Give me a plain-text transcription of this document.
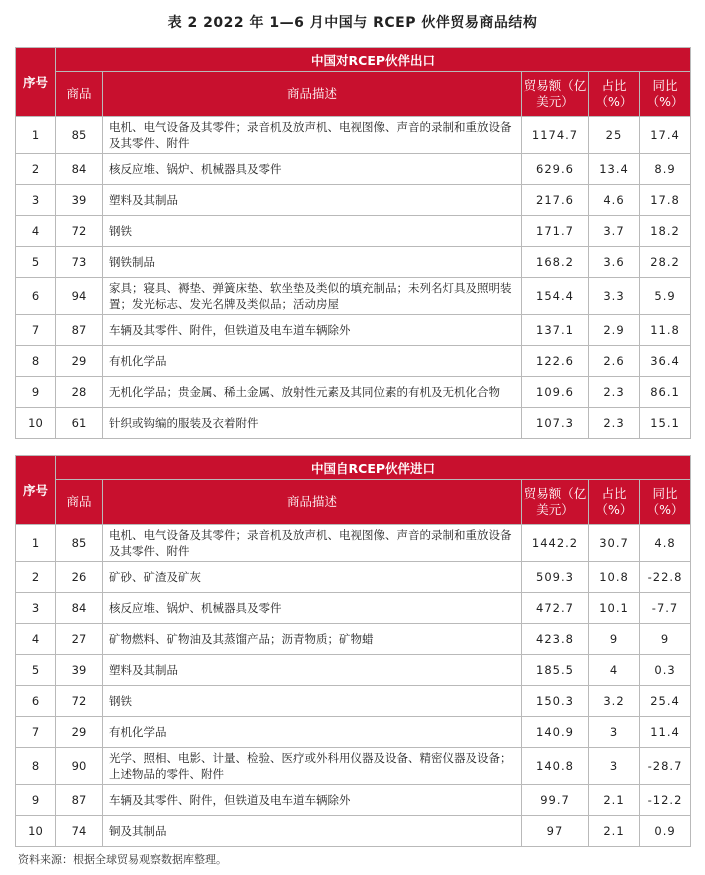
表 2 2022 年 1—6 月中国与 RCEP 伙伴贸易商品结构
序号	中国对RCEP伙伴出口				
	商品	商品描述	贸易额（亿美元）	占比（%）	同比（%）
1	85	电机、电气设备及其零件；录音机及放声机、电视图像、声音的录制和重放设备及其零件、附件	1174.7	25	17.4
2	84	核反应堆、锅炉、机械器具及零件	629.6	13.4	8.9
3	39	塑料及其制品	217.6	4.6	17.8
4	72	钢铁	171.7	3.7	18.2
5	73	钢铁制品	168.2	3.6	28.2
6	94	家具；寝具、褥垫、弹簧床垫、软坐垫及类似的填充制品；未列名灯具及照明装置；发光标志、发光名牌及类似品；活动房屋	154.4	3.3	5.9
7	87	车辆及其零件、附件，但铁道及电车道车辆除外	137.1	2.9	11.8
8	29	有机化学品	122.6	2.6	36.4
9	28	无机化学品；贵金属、稀土金属、放射性元素及其同位素的有机及无机化合物	109.6	2.3	86.1
10	61	针织或钩编的服装及衣着附件	107.3	2.3	15.1
序号	中国自RCEP伙伴进口				
	商品	商品描述	贸易额（亿美元）	占比（%）	同比（%）
1	85	电机、电气设备及其零件；录音机及放声机、电视图像、声音的录制和重放设备及其零件、附件	1442.2	30.7	4.8
2	26	矿砂、矿渣及矿灰	509.3	10.8	-22.8
3	84	核反应堆、锅炉、机械器具及零件	472.7	10.1	-7.7
4	27	矿物燃料、矿物油及其蒸馏产品；沥青物质；矿物蜡	423.8	9	9
5	39	塑料及其制品	185.5	4	0.3
6	72	钢铁	150.3	3.2	25.4
7	29	有机化学品	140.9	3	11.4
8	90	光学、照相、电影、计量、检验、医疗或外科用仪器及设备、精密仪器及设备；上述物品的零件、附件	140.8	3	-28.7
9	87	车辆及其零件、附件，但铁道及电车道车辆除外	99.7	2.1	-12.2
10	74	铜及其制品	97	2.1	0.9
资料来源：根据全球贸易观察数据库整理。
